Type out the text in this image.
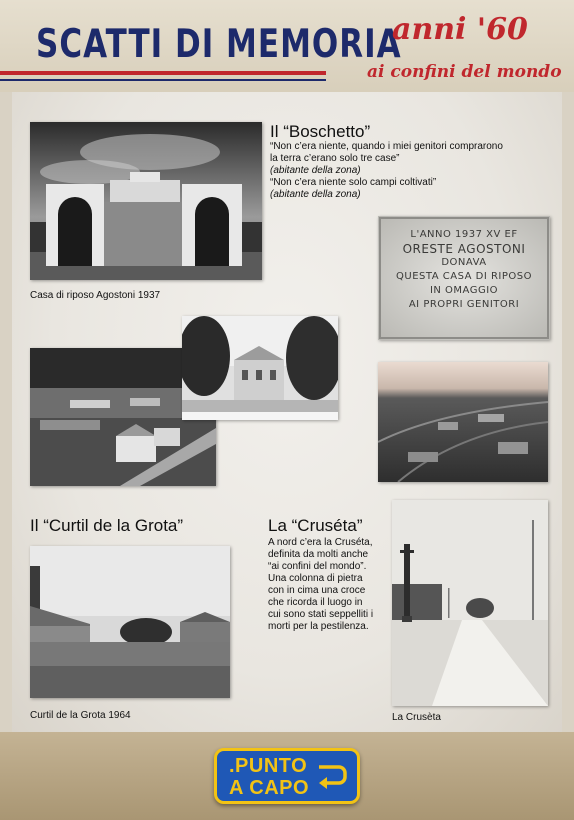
SCATTI DI MEMORIA
anni '60
ai confini del mondo
Casa di riposo Agostoni 1937
Il “Boschetto”
“Non c’era niente, quando i miei genitori comprarono
la terra c’erano solo tre case”
(abitante della zona)
“Non c’era niente solo campi coltivati”
(abitante della zona)
L'ANNO 1937 XV EF
ORESTE AGOSTONI
DONAVA
QUESTA CASA DI RIPOSO
IN OMAGGIO
AI PROPRI GENITORI
Il “Curtil de la Grota”
Curtil de la Grota 1964
La “Cruséta”
A nord c’era la Cruséta,
definita da molti anche
“ai confini del mondo”.
Una colonna di pietra
con in cima una croce
che ricorda il luogo in
cui sono stati seppelliti i
morti per la pestilenza.
La Crusèta
.PUNTO
A CAPO
